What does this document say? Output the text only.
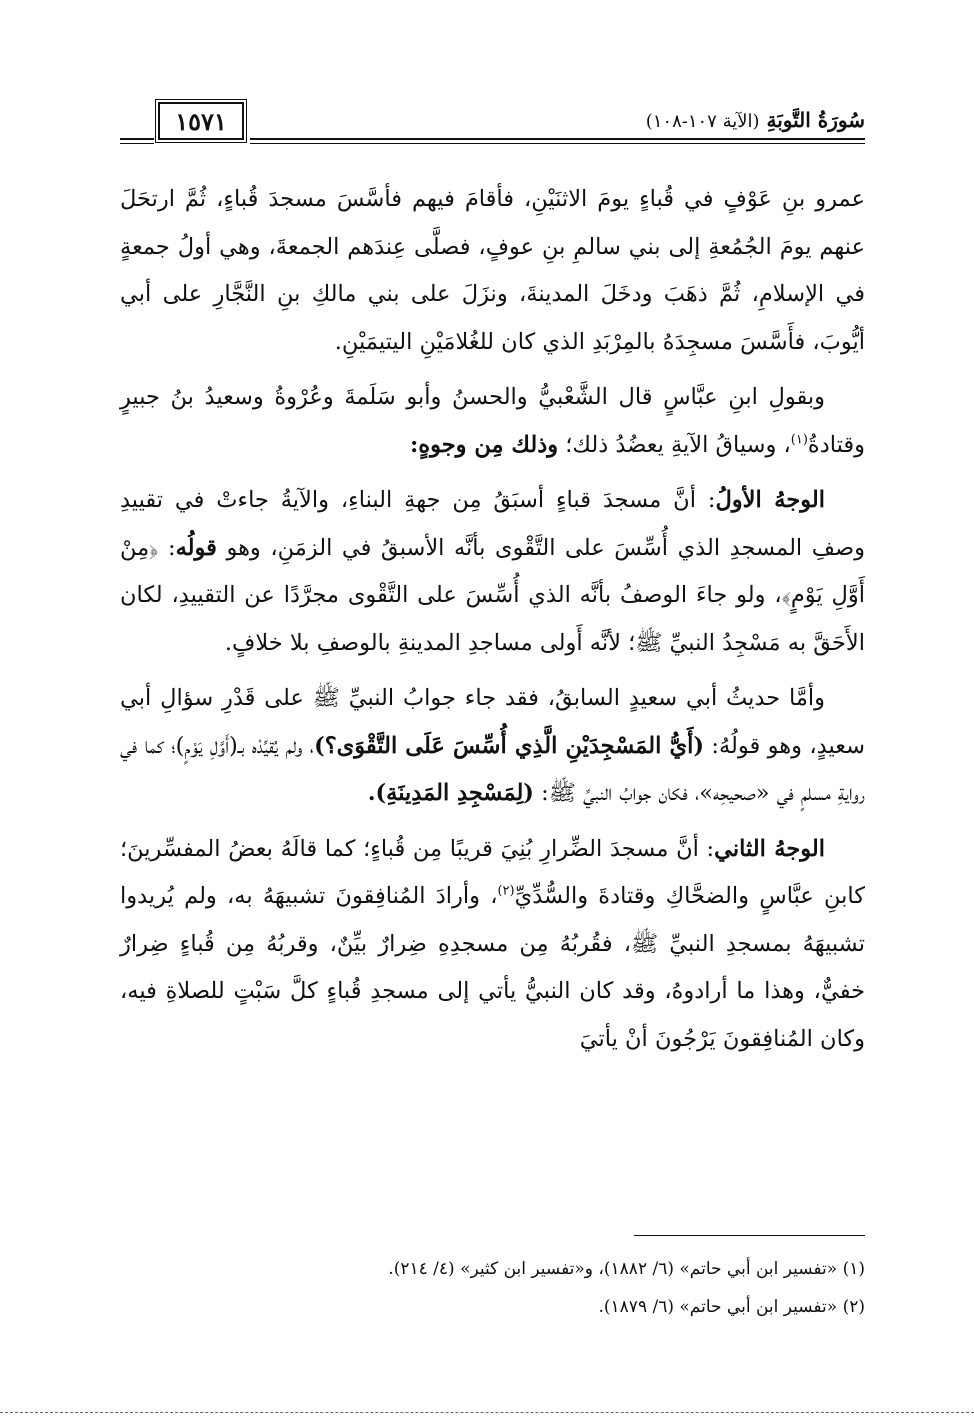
سُورَةُ التَّوبَةِ (الآية ١٠٧-١٠٨)
١٥٧١

عمرو بنِ عَوْفٍ في قُباءٍ يومَ الاثنَيْنِ، فأقامَ فيهم فأسَّسَ مسجدَ قُباءٍ، ثُمَّ ارتحَلَ عنهم يومَ الجُمُعةِ إلى بني سالمِ بنِ عوفٍ، فصلَّى عِندَهم الجمعةَ، وهي أولُ جمعةٍ في الإسلامِ، ثُمَّ ذهَبَ ودخَلَ المدينةَ، ونزَلَ على بني مالكِ بنِ النَّجَّارِ على أبي أيُّوبَ، فأَسَّسَ مسجِدَهُ بالمِرْبَدِ الذي كان للغُلامَيْنِ اليتيمَيْنِ.

وبقولِ ابنِ عبَّاسٍ قال الشَّعْبيُّ والحسنُ وأبو سَلَمةَ وعُرْوةُ وسعيدُ بنُ جبيرٍ وقتادةُ$^{(١)}$، وسياقُ الآيةِ يعضُدُ ذلك؛ وذلك مِن وجوهٍ:

الوجهُ الأولُ: أنَّ مسجدَ قباءٍ أسبَقُ مِن جهةِ البناءِ، والآيةُ جاءتْ في تقييدِ وصفِ المسجدِ الذي أُسِّسَ على التَّقْوى بأنَّه الأسبقُ في الزمَنِ، وهو قولُه: ﴿مِنْ أَوَّلِ يَوْمٍ﴾، ولو جاءَ الوصفُ بأنَّه الذي أُسِّسَ على التَّقْوى مجرَّدًا عن التقييدِ، لكان الأَحَقَّ به مَسْجِدُ النبيِّ ﷺ؛ لأنَّه أَولى مساجدِ المدينةِ بالوصفِ بلا خلافٍ.

وأمَّا حديثُ أبي سعيدٍ السابقُ، فقد جاء جوابُ النبيِّ ﷺ على قَدْرِ سؤالِ أبي سعيدٍ، وهو قولُهُ: (أَيُّ المَسْجِدَيْنِ الَّذِي أُسِّسَ عَلَى التَّقْوَى؟)، ولم يُقيِّدْه بـ(أَوَّلِ يَوْمٍ)؛ كما في روايةِ مسلمٍ في «صحيحِه»، فكان جوابُ النبيِّ ﷺ: (لِمَسْجِدِ المَدِينَةِ).

الوجهُ الثاني: أنَّ مسجدَ الضِّرارِ بُنِيَ قريبًا مِن قُباءٍ؛ كما قالَهُ بعضُ المفسِّرينَ؛ كابنِ عبَّاسٍ والضحَّاكِ وقتادةَ والسُّدِّيِّ$^{(٢)}$، وأرادَ المُنافِقونَ تشبيهَهُ به، ولم يُريدوا تشبيهَهُ بمسجدِ النبيِّ ﷺ، فقُربُهُ مِن مسجدِهِ ضِرارٌ بيِّنٌ، وقربُهُ مِن قُباءٍ ضِرارٌ خفيٌّ، وهذا ما أرادوهُ، وقد كان النبيُّ يأتي إلى مسجدِ قُباءٍ كلَّ سَبْتٍ للصلاةِ فيه، وكان المُنافِقونَ يَرْجُونَ أنْ يأتيَ

(١) «تفسير ابن أبي حاتم» (٦/ ١٨٨٢)، و«تفسير ابن كثير» (٤/ ٢١٤).

(٢) «تفسير ابن أبي حاتم» (٦/ ١٨٧٩).
